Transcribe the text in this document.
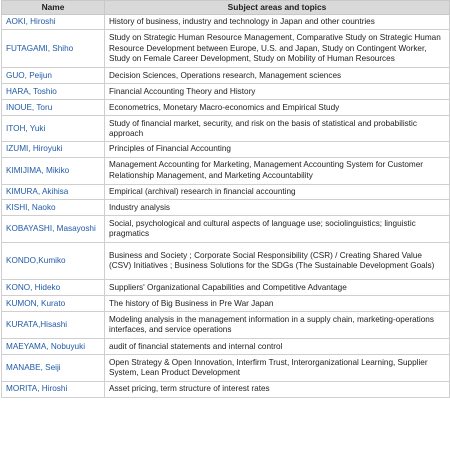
Name	Subject areas and topics
AOKI, Hiroshi	History of business, industry and technology in Japan and other countries
FUTAGAMI, Shiho	Study on Strategic Human Resource Management, Comparative Study on Strategic Human Resource Development between Europe, U.S. and Japan, Study on Contingent Worker, Study on Female Career Development, Study on Mobility of Human Resources
GUO, Peijun	Decision Sciences, Operations research, Management sciences
HARA, Toshio	Financial Accounting Theory and History
INOUE, Toru	Econometrics, Monetary Macro-economics and Empirical Study
ITOH, Yuki	Study of financial market, security, and risk on the basis of statistical and probabilistic approach
IZUMI, Hiroyuki	Principles of Financial Accounting
KIMIJIMA, Mikiko	Management Accounting for Marketing, Management Accounting System for Customer Relationship Management, and Marketing Accountability
KIMURA, Akihisa	Empirical (archival) research in financial accounting
KISHI, Naoko	Industry analysis
KOBAYASHI, Masayoshi	Social, psychological and cultural aspects of language use; sociolinguistics; linguistic pragmatics
KONDO,Kumiko	Business and Society ; Corporate Social Responsibility (CSR) / Creating Shared Value (CSV) Initiatives ; Business Solutions for the SDGs (The Sustainable Development Goals)
KONO, Hideko	Suppliers' Organizational Capabilities and Competitive Advantage
KUMON, Kurato	The history of Big Business in Pre War Japan
KURATA,Hisashi	Modeling analysis in the management information in a supply chain, marketing-operations interfaces, and service operations
MAEYAMA, Nobuyuki	audit of financial statements and internal control
MANABE, Seiji	Open Strategy & Open Innovation, Interfirm Trust, Interorganizational Learning, Supplier System, Lean Product Development
MORITA, Hiroshi	Asset pricing, term structure of interest rates
